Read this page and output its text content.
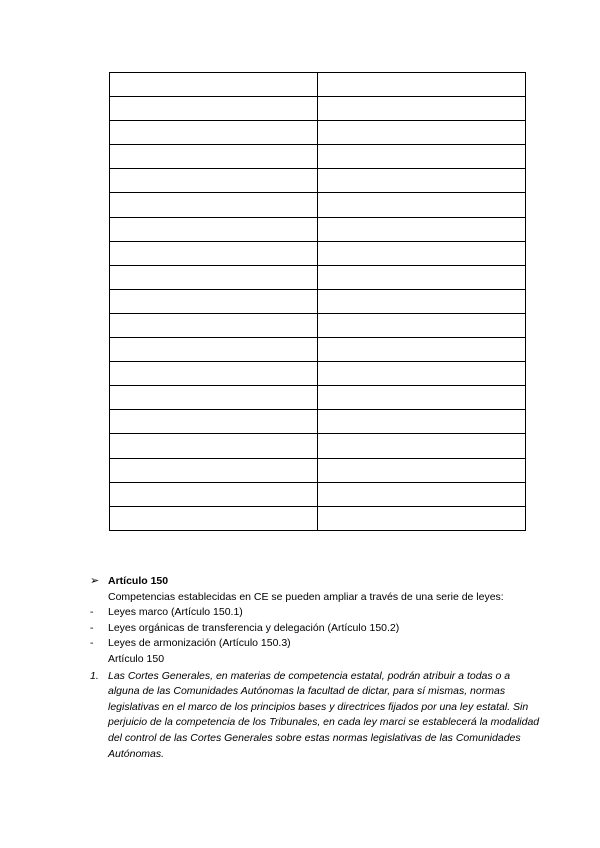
➢ Artículo 150
Competencias establecidas en CE se pueden ampliar a través de una serie de leyes:
-	Leyes marco (Artículo 150.1)
-	Leyes orgánicas de transferencia y delegación (Artículo 150.2)
-	Leyes de armonización (Artículo 150.3)
Artículo 150
1. Las Cortes Generales, en materias de competencia estatal, podrán atribuir a todas o a alguna de las Comunidades Autónomas la facultad de dictar, para sí mismas, normas legislativas en el marco de los principios bases y directrices fijados por una ley estatal. Sin perjuicio de la competencia de los Tribunales, en cada ley marci se establecerá la modalidad del control de las Cortes Generales sobre estas normas legislativas de las Comunidades Autónomas.
